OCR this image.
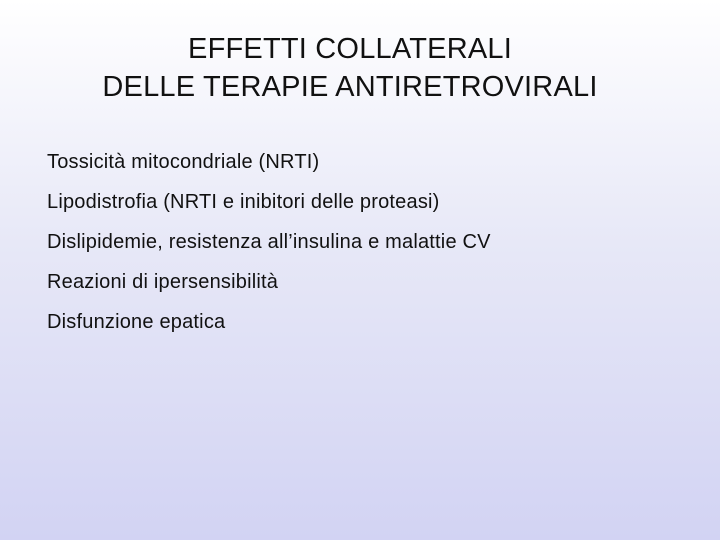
EFFETTI COLLATERALI
DELLE TERAPIE ANTIRETROVIRALI
Tossicità mitocondriale (NRTI)
Lipodistrofia (NRTI e inibitori delle proteasi)
Dislipidemie, resistenza all’insulina e malattie CV
Reazioni di ipersensibilità
Disfunzione epatica
